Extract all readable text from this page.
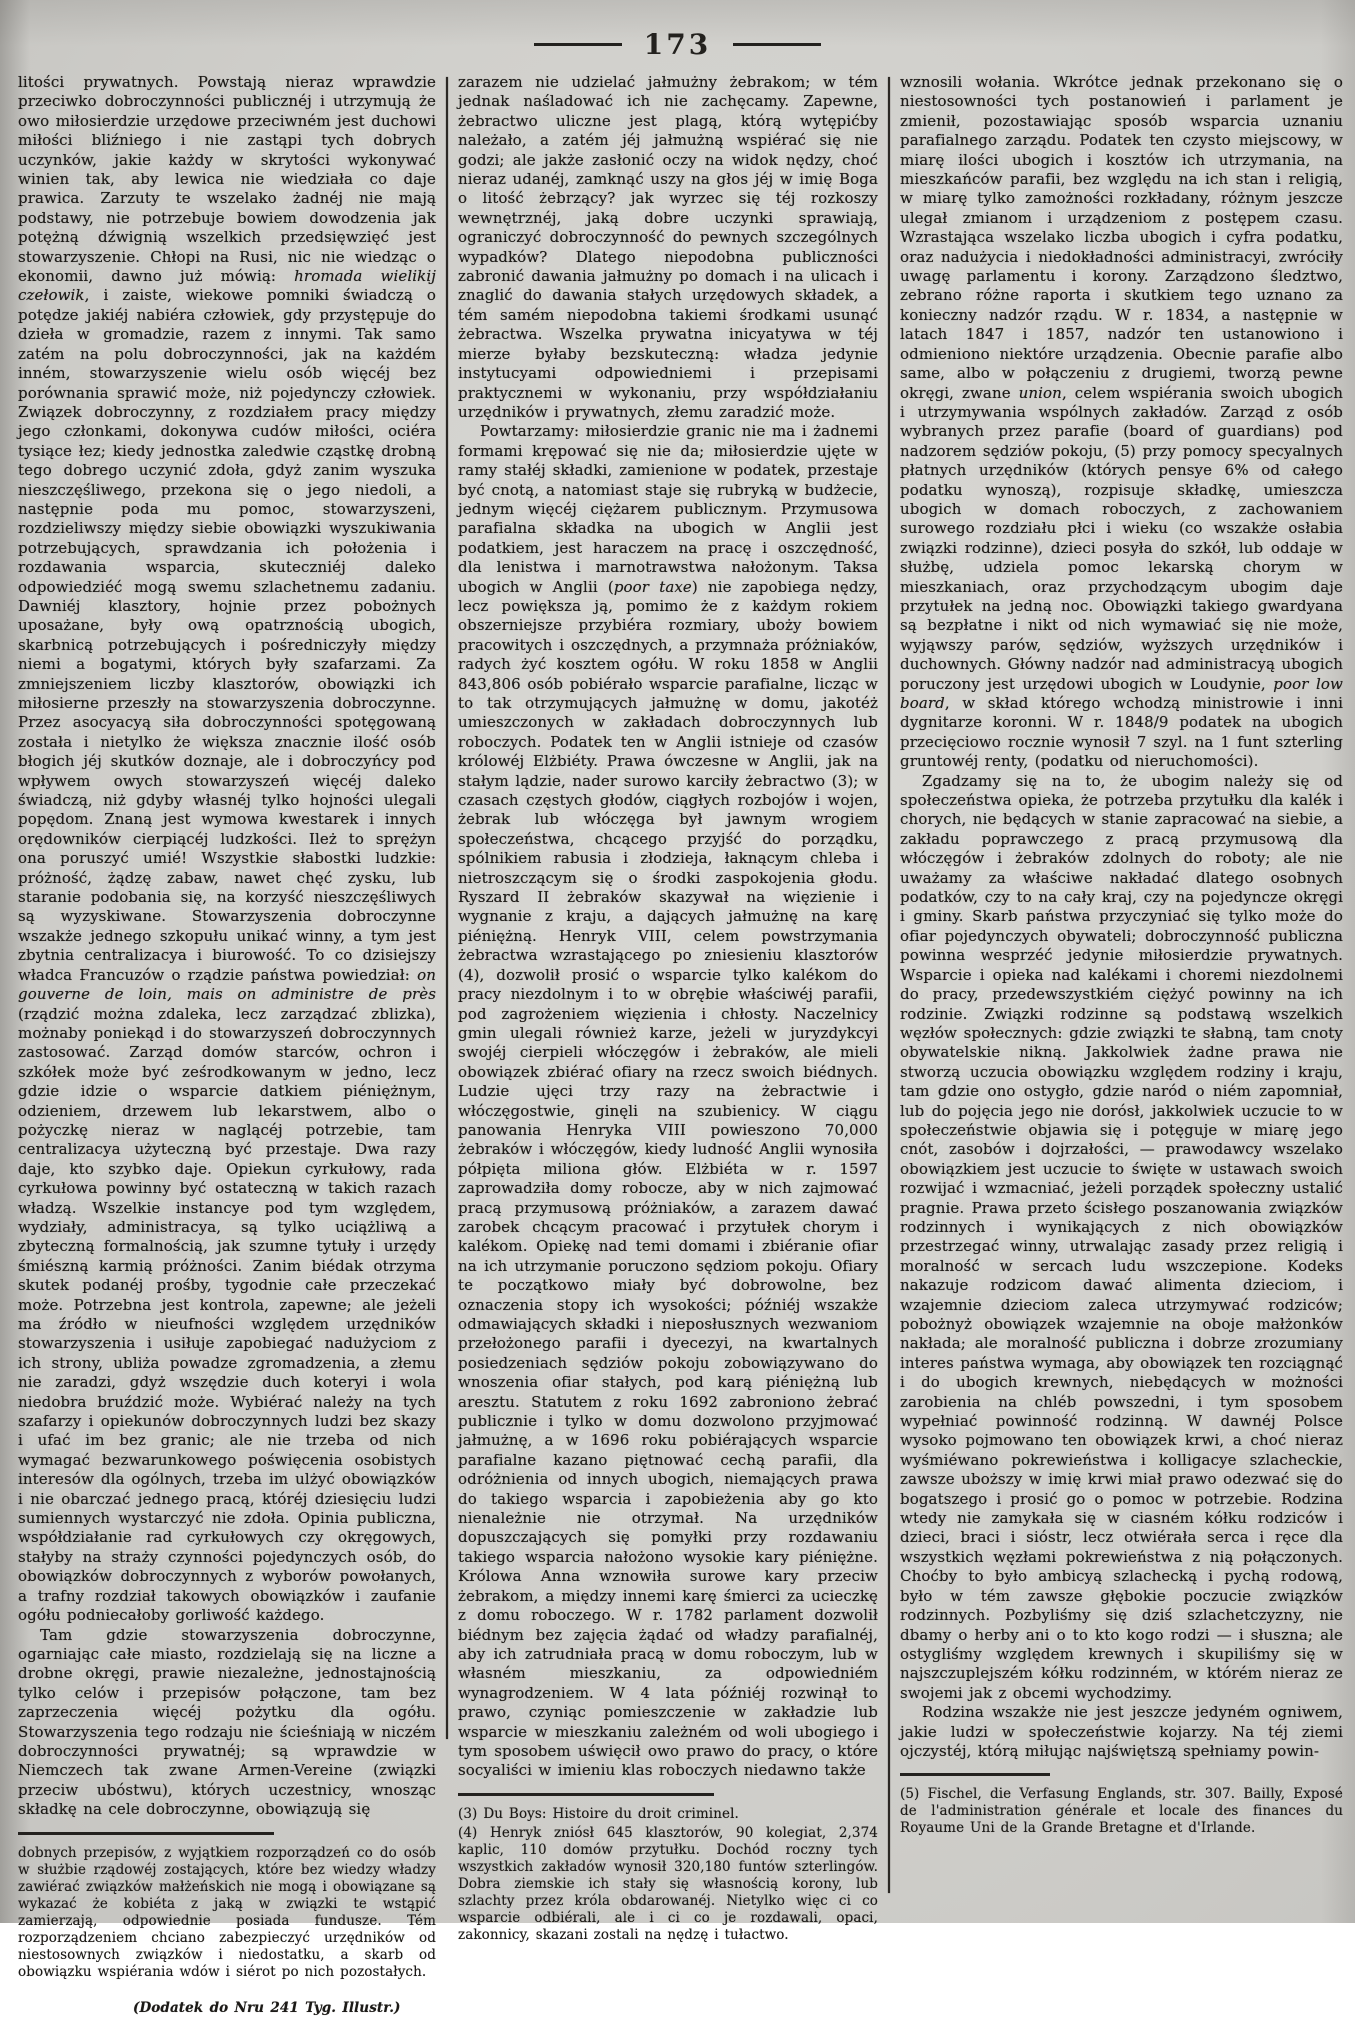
173

litości prywatnych. Powstają nieraz wprawdzie przeciwko dobroczynności publicznéj i utrzymują że owo miłosierdzie urzędowe przeciwném jest duchowi miłości bliźniego i nie zastąpi tych dobrych uczynków, jakie każdy w skrytości wykonywać winien tak, aby lewica nie wiedziała co daje prawica. Zarzuty te wszelako żadnéj nie mają podstawy, nie potrzebuje bowiem dowodzenia jak potężną dźwignią wszelkich przedsięwzięć jest stowarzyszenie. Chłopi na Rusi, nic nie wiedząc o ekonomii, dawno już mówią: hromada wielikij czełowik, i zaiste, wiekowe pomniki świadczą o potędze jakiéj nabiéra człowiek, gdy przystępuje do dzieła w gromadzie, razem z innymi. Tak samo zatém na polu dobroczynności, jak na każdém inném, stowarzyszenie wielu osób więcéj bez porównania sprawić może, niż pojedynczy człowiek. Związek dobroczynny, z rozdziałem pracy między jego członkami, dokonywa cudów miłości, ociéra tysiące łez; kiedy jednostka zaledwie cząstkę drobną tego dobrego uczynić zdoła, gdyż zanim wyszuka nieszczęśliwego, przekona się o jego niedoli, a następnie poda mu pomoc, stowarzyszeni, rozdzieliwszy między siebie obowiązki wyszukiwania potrzebujących, sprawdzania ich położenia i rozdawania wsparcia, skuteczniéj daleko odpowiedziéć mogą swemu szlachetnemu zadaniu. Dawniéj klasztory, hojnie przez pobożnych uposażane, były ową opatrznością ubogich, skarbnicą potrzebujących i pośredniczyły między niemi a bogatymi, których były szafarzami. Za zmniejszeniem liczby klasztorów, obowiązki ich miłosierne przeszły na stowarzyszenia dobroczynne. Przez asocyacyą siła dobroczynności spotęgowaną została i nietylko że większa znacznie ilość osób błogich jéj skutków doznaje, ale i dobroczyńcy pod wpływem owych stowarzyszeń więcéj daleko świadczą, niż gdyby własnéj tylko hojności ulegali popędom. Znaną jest wymowa kwestarek i innych orędowników cierpiącéj ludzkości. Ileż to sprężyn ona poruszyć umié! Wszystkie słabostki ludzkie: próżność, żądzę zabaw, nawet chęć zysku, lub staranie podobania się, na korzyść nieszczęśliwych są wyzyskiwane. Stowarzyszenia dobroczynne wszakże jednego szkopułu unikać winny, a tym jest zbytnia centralizacya i biurowość. To co dzisiejszy władca Francuzów o rządzie państwa powiedział: on gouverne de loin, mais on administre de près (rządzić można zdaleka, lecz zarządzać zblizka), możnaby poniekąd i do stowarzyszeń dobroczynnych zastosować. Zarząd domów starców, ochron i szkółek może być ześrodkowanym w jedno, lecz gdzie idzie o wsparcie datkiem piéniężnym, odzieniem, drzewem lub lekarstwem, albo o pożyczkę nieraz w naglącéj potrzebie, tam centralizacya użyteczną być przestaje. Dwa razy daje, kto szybko daje. Opiekun cyrkułowy, rada cyrkułowa powinny być ostateczną w takich razach władzą. Wszelkie instancye pod tym względem, wydziały, administracya, są tylko uciążliwą a zbyteczną formalnością, jak szumne tytuły i urzędy śmiészną karmią próżności. Zanim biédak otrzyma skutek podanéj prośby, tygodnie całe przeczekać może. Potrzebna jest kontrola, zapewne; ale jeżeli ma źródło w nieufności względem urzędników stowarzyszenia i usiłuje zapobiegać nadużyciom z ich strony, ubliża powadze zgromadzenia, a złemu nie zaradzi, gdyż wszędzie duch koteryi i wola niedobra bruździć może. Wybiérać należy na tych szafarzy i opiekunów dobroczynnych ludzi bez skazy i ufać im bez granic; ale nie trzeba od nich wymagać bezwarunkowego poświęcenia osobistych interesów dla ogólnych, trzeba im ulżyć obowiązków i nie obarczać jednego pracą, któréj dziesięciu ludzi sumiennych wystarczyć nie zdoła. Opinia publiczna, współdziałanie rad cyrkułowych czy okręgowych, stałyby na straży czynności pojedynczych osób, do obowiązków dobroczynnych z wyborów powołanych, a trafny rozdział takowych obowiązków i zaufanie ogółu podniecałoby gorliwość każdego.

Tam gdzie stowarzyszenia dobroczynne, ogarniając całe miasto, rozdzielają się na liczne a drobne okręgi, prawie niezależne, jednostajnością tylko celów i przepisów połączone, tam bez zaprzeczenia więcéj pożytku dla ogółu. Stowarzyszenia tego rodzaju nie ścieśniają w niczém dobroczynności prywatnéj; są wprawdzie w Niemczech tak zwane Armen-Vereine (związki przeciw ubóstwu), których uczestnicy, wnosząc składkę na cele dobroczynne, obowiązują się

dobnych przepisów, z wyjątkiem rozporządzeń co do osób w służbie rządowéj zostających, które bez wiedzy władzy zawiérać związków małżeńskich nie mogą i obowiązane są wykazać że kobiéta z jaką w związki te wstąpić zamierzają, odpowiednie posiada fundusze. Tém rozporządzeniem chciano zabezpieczyć urzędników od niestosownych związków i niedostatku, a skarb od obowiązku wspiérania wdów i siérot po nich pozostałych.

(Dodatek do Nru 241 Tyg. Illustr.)

zarazem nie udzielać jałmużny żebrakom; w tém jednak naśladować ich nie zachęcamy. Zapewne, żebractwo uliczne jest plagą, którą wytępićby należało, a zatém jéj jałmużną wspiérać się nie godzi; ale jakże zasłonić oczy na widok nędzy, choć nieraz udanéj, zamknąć uszy na głos jéj w imię Boga o litość żebrzący? jak wyrzec się téj rozkoszy wewnętrznéj, jaką dobre uczynki sprawiają, ograniczyć dobroczynność do pewnych szczególnych wypadków? Dlatego niepodobna publiczności zabronić dawania jałmużny po domach i na ulicach i znaglić do dawania stałych urzędowych składek, a tém samém niepodobna takiemi środkami usunąć żebractwa. Wszelka prywatna inicyatywa w téj mierze byłaby bezskuteczną: władza jedynie instytucyami odpowiedniemi i przepisami praktycznemi w wykonaniu, przy współdziałaniu urzędników i prywatnych, złemu zaradzić może.

Powtarzamy: miłosierdzie granic nie ma i żadnemi formami krępować się nie da; miłosierdzie ujęte w ramy stałéj składki, zamienione w podatek, przestaje być cnotą, a natomiast staje się rubryką w budżecie, jednym więcéj ciężarem publicznym. Przymusowa parafialna składka na ubogich w Anglii jest podatkiem, jest haraczem na pracę i oszczędność, dla lenistwa i marnotrawstwa nałożonym. Taksa ubogich w Anglii (poor taxe) nie zapobiega nędzy, lecz powiększa ją, pomimo że z każdym rokiem obszerniejsze przybiéra rozmiary, uboży bowiem pracowitych i oszczędnych, a przymnaża próżniaków, radych żyć kosztem ogółu. W roku 1858 w Anglii 843,806 osób pobiérało wsparcie parafialne, licząc w to tak otrzymujących jałmużnę w domu, jakotéż umieszczonych w zakładach dobroczynnych lub roboczych. Podatek ten w Anglii istnieje od czasów królowéj Elżbiéty. Prawa ówczesne w Anglii, jak na stałym lądzie, nader surowo karciły żebractwo (3); w czasach częstych głodów, ciągłych rozbojów i wojen, żebrak lub włóczęga był jawnym wrogiem społeczeństwa, chcącego przyjść do porządku, spólnikiem rabusia i złodzieja, łaknącym chleba i nietroszczącym się o środki zaspokojenia głodu. Ryszard II żebraków skazywał na więzienie i wygnanie z kraju, a dających jałmużnę na karę piéniężną. Henryk VIII, celem powstrzymania żebractwa wzrastającego po zniesieniu klasztorów (4), dozwolił prosić o wsparcie tylko kalékom do pracy niezdolnym i to w obrębie właściwéj parafii, pod zagrożeniem więzienia i chłosty. Naczelnicy gmin ulegali również karze, jeżeli w juryzdykcyi swojéj cierpieli włóczęgów i żebraków, ale mieli obowiązek zbiérać ofiary na rzecz swoich biédnych. Ludzie ujęci trzy razy na żebractwie i włóczęgostwie, ginęli na szubienicy. W ciągu panowania Henryka VIII powieszono 70,000 żebraków i włóczęgów, kiedy ludność Anglii wynosiła półpięta miliona głów. Elżbiéta w r. 1597 zaprowadziła domy robocze, aby w nich zajmować pracą przymusową próżniaków, a zarazem dawać zarobek chcącym pracować i przytułek chorym i kalékom. Opiekę nad temi domami i zbiéranie ofiar na ich utrzymanie poruczono sędziom pokoju. Ofiary te początkowo miały być dobrowolne, bez oznaczenia stopy ich wysokości; późniéj wszakże odmawiających składki i nieposłusznych wezwaniom przełożonego parafii i dyecezyi, na kwartalnych posiedzeniach sędziów pokoju zobowiązywano do wnoszenia ofiar stałych, pod karą piéniężną lub aresztu. Statutem z roku 1692 zabroniono żebrać publicznie i tylko w domu dozwolono przyjmować jałmużnę, a w 1696 roku pobiérających wsparcie parafialne kazano piętnować cechą parafii, dla odróżnienia od innych ubogich, niemających prawa do takiego wsparcia i zapobieżenia aby go kto nienależnie nie otrzymał. Na urzędników dopuszczających się pomyłki przy rozdawaniu takiego wsparcia nałożono wysokie kary piéniężne. Królowa Anna wznowiła surowe kary przeciw żebrakom, a między innemi karę śmierci za ucieczkę z domu roboczego. W r. 1782 parlament dozwolił biédnym bez zajęcia żądać od władzy parafialnéj, aby ich zatrudniała pracą w domu roboczym, lub w własném mieszkaniu, za odpowiedniém wynagrodzeniem. W 4 lata późniéj rozwinął to prawo, czyniąc pomieszczenie w zakładzie lub wsparcie w mieszkaniu zależném od woli ubogiego i tym sposobem uświęcił owo prawo do pracy, o które socyaliści w imieniu klas roboczych niedawno także

(3) Du Boys: Histoire du droit criminel.

(4) Henryk zniósł 645 klasztorów, 90 kolegiat, 2,374 kaplic, 110 domów przytułku. Dochód roczny tych wszystkich zakładów wynosił 320,180 funtów szterlingów. Dobra ziemskie ich stały się własnością korony, lub szlachty przez króla obdarowanéj. Nietylko więc ci co wsparcie odbiérali, ale i ci co je rozdawali, opaci, zakonnicy, skazani zostali na nędzę i tułactwo.

wznosili wołania. Wkrótce jednak przekonano się o niestosowności tych postanowień i parlament je zmienił, pozostawiając sposób wsparcia uznaniu parafialnego zarządu. Podatek ten czysto miejscowy, w miarę ilości ubogich i kosztów ich utrzymania, na mieszkańców parafii, bez względu na ich stan i religią, w miarę tylko zamożności rozkładany, różnym jeszcze ulegał zmianom i urządzeniom z postępem czasu. Wzrastająca wszelako liczba ubogich i cyfra podatku, oraz nadużycia i niedokładności administracyi, zwróciły uwagę parlamentu i korony. Zarządzono śledztwo, zebrano różne raporta i skutkiem tego uznano za konieczny nadzór rządu. W r. 1834, a następnie w latach 1847 i 1857, nadzór ten ustanowiono i odmieniono niektóre urządzenia. Obecnie parafie albo same, albo w połączeniu z drugiemi, tworzą pewne okręgi, zwane union, celem wspiérania swoich ubogich i utrzymywania wspólnych zakładów. Zarząd z osób wybranych przez parafie (board of guardians) pod nadzorem sędziów pokoju, (5) przy pomocy specyalnych płatnych urzędników (których pensye 6% od całego podatku wynoszą), rozpisuje składkę, umieszcza ubogich w domach roboczych, z zachowaniem surowego rozdziału płci i wieku (co wszakże osłabia związki rodzinne), dzieci posyła do szkół, lub oddaje w służbę, udziela pomoc lekarską chorym w mieszkaniach, oraz przychodzącym ubogim daje przytułek na jedną noc. Obowiązki takiego gwardyana są bezpłatne i nikt od nich wymawiać się nie może, wyjąwszy parów, sędziów, wyższych urzędników i duchownych. Główny nadzór nad administracyą ubogich poruczony jest urzędowi ubogich w Loudynie, poor low board, w skład którego wchodzą ministrowie i inni dygnitarze koronni. W r. 1848/9 podatek na ubogich przecięciowo rocznie wynosił 7 szyl. na 1 funt szterling gruntowéj renty, (podatku od nieruchomości).

Zgadzamy się na to, że ubogim należy się od społeczeństwa opieka, że potrzeba przytułku dla kalék i chorych, nie będących w stanie zapracować na siebie, a zakładu poprawczego z pracą przymusową dla włóczęgów i żebraków zdolnych do roboty; ale nie uważamy za właściwe nakładać dlatego osobnych podatków, czy to na cały kraj, czy na pojedyncze okręgi i gminy. Skarb państwa przyczyniać się tylko może do ofiar pojedynczych obywateli; dobroczynność publiczna powinna wesprzéć jedynie miłosierdzie prywatnych. Wsparcie i opieka nad kalékami i choremi niezdolnemi do pracy, przedewszystkiém ciężyć powinny na ich rodzinie. Związki rodzinne są podstawą wszelkich węzłów społecznych: gdzie związki te słabną, tam cnoty obywatelskie nikną. Jakkolwiek żadne prawa nie stworzą uczucia obowiązku względem rodziny i kraju, tam gdzie ono ostygło, gdzie naród o niém zapomniał, lub do pojęcia jego nie dorósł, jakkolwiek uczucie to w społeczeństwie objawia się i potęguje w miarę jego cnót, zasobów i dojrzałości, — prawodawcy wszelako obowiązkiem jest uczucie to święte w ustawach swoich rozwijać i wzmacniać, jeżeli porządek społeczny ustalić pragnie. Prawa przeto ścisłego poszanowania związków rodzinnych i wynikających z nich obowiązków przestrzegać winny, utrwalając zasady przez religią i moralność w sercach ludu wszczepione. Kodeks nakazuje rodzicom dawać alimenta dzieciom, i wzajemnie dzieciom zaleca utrzymywać rodziców; pobożnyż obowiązek wzajemnie na oboje małżonków nakłada; ale moralność publiczna i dobrze zrozumiany interes państwa wymaga, aby obowiązek ten rozciągnąć i do ubogich krewnych, niebędących w możności zarobienia na chléb powszedni, i tym sposobem wypełniać powinność rodzinną. W dawnéj Polsce wysoko pojmowano ten obowiązek krwi, a choć nieraz wyśmiéwano pokrewieństwa i kolligacye szlacheckie, zawsze uboższy w imię krwi miał prawo odezwać się do bogatszego i prosić go o pomoc w potrzebie. Rodzina wtedy nie zamykała się w ciasném kółku rodziców i dzieci, braci i sióstr, lecz otwiérała serca i ręce dla wszystkich węzłami pokrewieństwa z nią połączonych. Choćby to było ambicyą szlachecką i pychą rodową, było w tém zawsze głębokie poczucie związków rodzinnych. Pozbyliśmy się dziś szlachetczyzny, nie dbamy o herby ani o to kto kogo rodzi — i słuszna; ale ostygliśmy względem krewnych i skupiliśmy się w najszczuplejszém kółku rodzinném, w którém nieraz ze swojemi jak z obcemi wychodzimy.

Rodzina wszakże nie jest jeszcze jedyném ogniwem, jakie ludzi w społeczeństwie kojarzy. Na téj ziemi ojczystéj, którą miłując najświętszą spełniamy powin-

(5) Fischel, die Verfasung Englands, str. 307. Bailly, Exposé de l'administration générale et locale des finances du Royaume Uni de la Grande Bretagne et d'Irlande.
